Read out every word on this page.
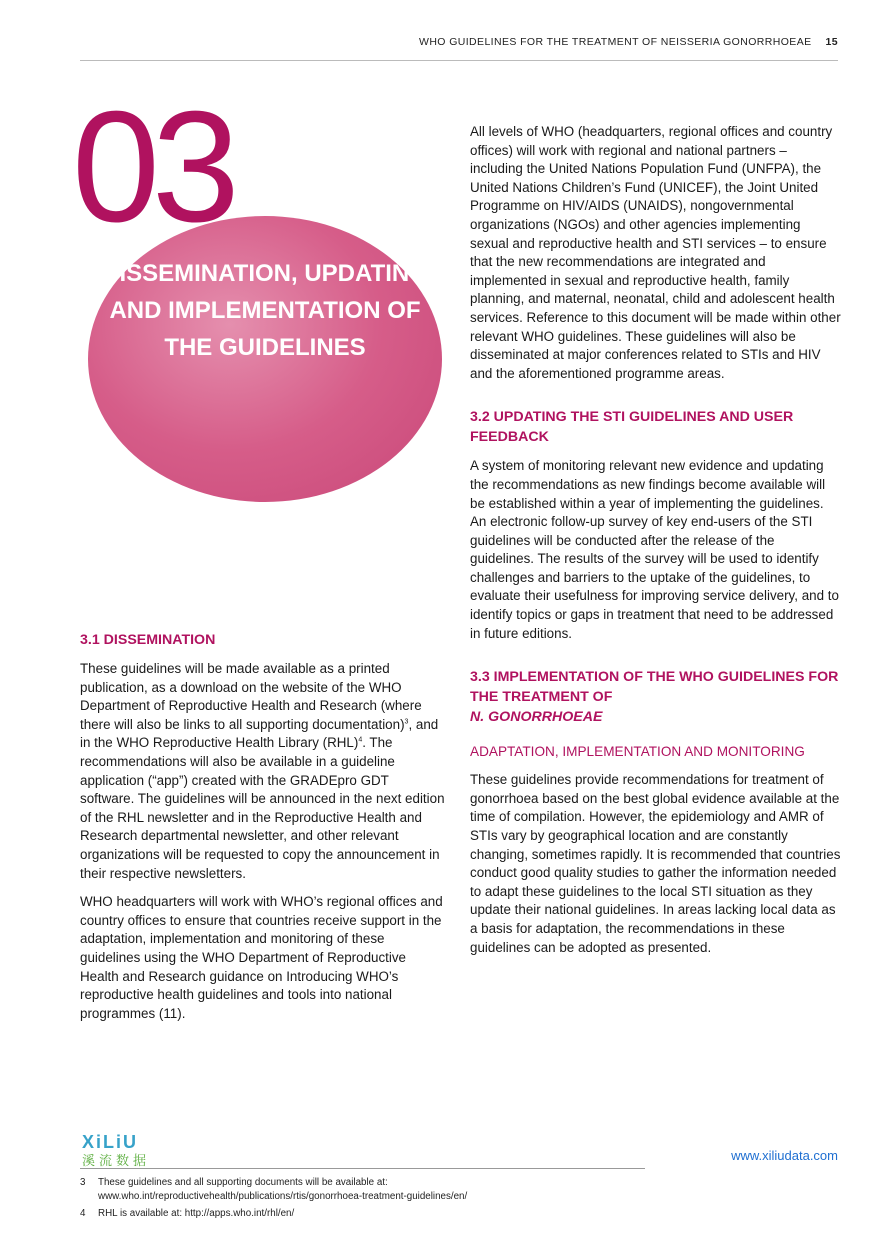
WHO GUIDELINES FOR THE TREATMENT OF NEISSERIA GONORRHOEAE 15
03
DISSEMINATION, UPDATING AND IMPLEMENTATION OF THE GUIDELINES

All levels of WHO (headquarters, regional offices and country offices) will work with regional and national partners – including the United Nations Population Fund (UNFPA), the United Nations Children’s Fund (UNICEF), the Joint United Programme on HIV/AIDS (UNAIDS), nongovernmental organizations (NGOs) and other agencies implementing sexual and reproductive health and STI services – to ensure that the new recommendations are integrated and implemented in sexual and reproductive health, family planning, and maternal, neonatal, child and adolescent health services. Reference to this document will be made within other relevant WHO guidelines. These guidelines will also be disseminated at major conferences related to STIs and HIV and the aforementioned programme areas.

3.2 UPDATING THE STI GUIDELINES AND USER FEEDBACK

A system of monitoring relevant new evidence and updating the recommendations as new findings become available will be established within a year of implementing the guidelines. An electronic follow-up survey of key end-users of the STI guidelines will be conducted after the release of the guidelines. The results of the survey will be used to identify challenges and barriers to the uptake of the guidelines, to evaluate their usefulness for improving service delivery, and to identify topics or gaps in treatment that need to be addressed in future editions.

3.3 IMPLEMENTATION OF THE WHO GUIDELINES FOR THE TREATMENT OF
N. GONORRHOEAE
ADAPTATION, IMPLEMENTATION AND MONITORING

These guidelines provide recommendations for treatment of gonorrhoea based on the best global evidence available at the time of compilation. However, the epidemiology and AMR of STIs vary by geographical location and are constantly changing, sometimes rapidly. It is recommended that countries conduct good quality studies to gather the information needed to adapt these guidelines to the local STI situation as they update their national guidelines. In areas lacking local data as a basis for adaptation, the recommendations in these guidelines can be adopted as presented.

3.1 DISSEMINATION

These guidelines will be made available as a printed publication, as a download on the website of the WHO Department of Reproductive Health and Research (where there will also be links to all supporting documentation)$^3$, and in the WHO Reproductive Health Library (RHL)$^4$. The recommendations will also be available in a guideline application (“app”) created with the GRADEpro GDT software. The guidelines will be announced in the next edition of the RHL newsletter and in the Reproductive Health and Research departmental newsletter, and other relevant organizations will be requested to copy the announcement in their respective newsletters.

WHO headquarters will work with WHO’s regional offices and country offices to ensure that countries receive support in the adaptation, implementation and monitoring of these guidelines using the WHO Department of Reproductive Health and Research guidance on Introducing WHO’s reproductive health guidelines and tools into national programmes (11).

XiLiU
溪流数据	www.xiliudata.com
3 These guidelines and all supporting documents will be available at: www.who.int/reproductivehealth/publications/rtis/gonorrhoea-treatment-guidelines/en/
4 RHL is available at: http://apps.who.int/rhl/en/
